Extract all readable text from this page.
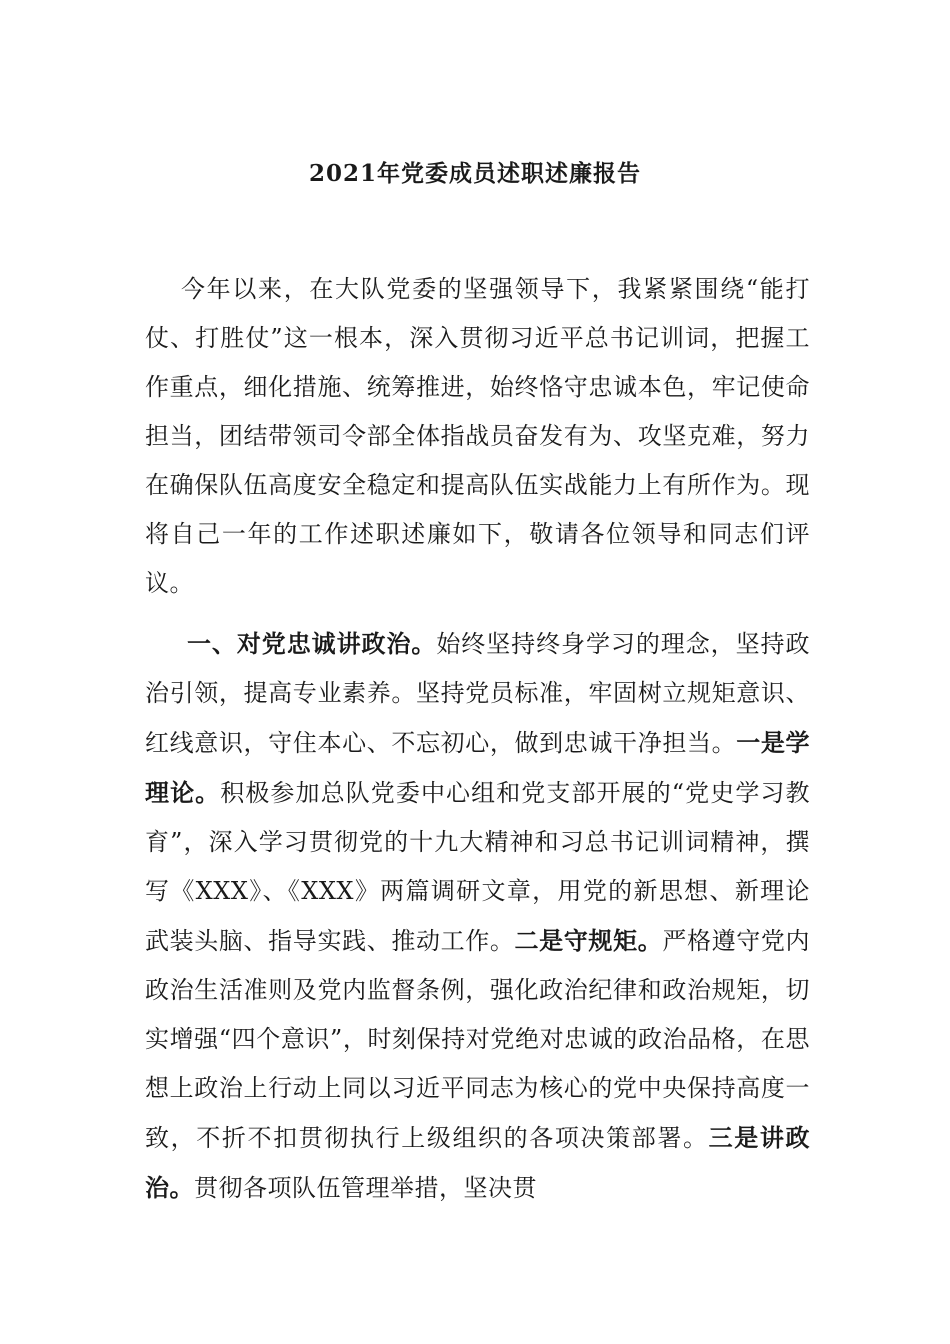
2021年党委成员述职述廉报告

今年以来，在大队党委的坚强领导下，我紧紧围绕“能打仗、打胜仗”这一根本，深入贯彻习近平总书记训词，把握工作重点，细化措施、统筹推进，始终恪守忠诚本色，牢记使命担当，团结带领司令部全体指战员奋发有为、攻坚克难，努力在确保队伍高度安全稳定和提高队伍实战能力上有所作为。现将自己一年的工作述职述廉如下，敬请各位领导和同志们评议。

一、对党忠诚讲政治。始终坚持终身学习的理念，坚持政治引领，提高专业素养。坚持党员标准，牢固树立规矩意识、红线意识，守住本心、不忘初心，做到忠诚干净担当。一是学理论。积极参加总队党委中心组和党支部开展的“党史学习教育”，深入学习贯彻党的十九大精神和习总书记训词精神，撰写《XXX》、《XXX》两篇调研文章，用党的新思想、新理论武装头脑、指导实践、推动工作。二是守规矩。严格遵守党内政治生活准则及党内监督条例，强化政治纪律和政治规矩，切实增强“四个意识”，时刻保持对党绝对忠诚的政治品格，在思想上政治上行动上同以习近平同志为核心的党中央保持高度一致，不折不扣贯彻执行上级组织的各项决策部署。三是讲政治。贯彻各项队伍管理举措，坚决贯
